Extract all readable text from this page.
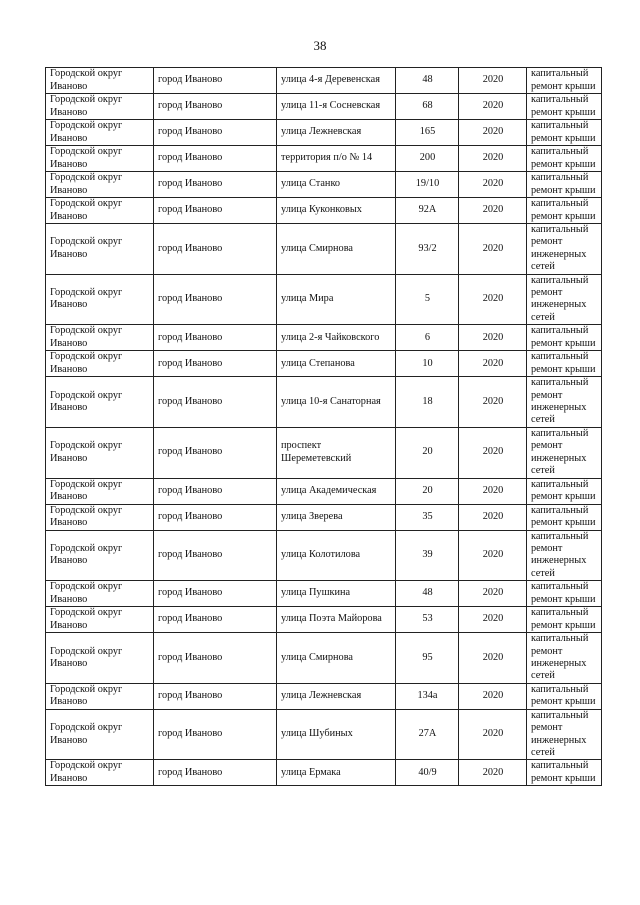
38
Городской округ Иваново	город Иваново	улица 4-я Деревенская	48	2020	капитальный ремонт крыши
Городской округ Иваново	город Иваново	улица 11-я Сосневская	68	2020	капитальный ремонт крыши
Городской округ Иваново	город Иваново	улица Лежневская	165	2020	капитальный ремонт крыши
Городской округ Иваново	город Иваново	территория п/о № 14	200	2020	капитальный ремонт крыши
Городской округ Иваново	город Иваново	улица Станко	19/10	2020	капитальный ремонт крыши
Городской округ Иваново	город Иваново	улица Куконковых	92А	2020	капитальный ремонт крыши
Городской округ Иваново	город Иваново	улица Смирнова	93/2	2020	капитальный ремонт инженерных сетей
Городской округ Иваново	город Иваново	улица Мира	5	2020	капитальный ремонт инженерных сетей
Городской округ Иваново	город Иваново	улица 2-я Чайковского	6	2020	капитальный ремонт крыши
Городской округ Иваново	город Иваново	улица Степанова	10	2020	капитальный ремонт крыши
Городской округ Иваново	город Иваново	улица 10-я Санаторная	18	2020	капитальный ремонт инженерных сетей
Городской округ Иваново	город Иваново	проспект Шереметевский	20	2020	капитальный ремонт инженерных сетей
Городской округ Иваново	город Иваново	улица Академическая	20	2020	капитальный ремонт крыши
Городской округ Иваново	город Иваново	улица Зверева	35	2020	капитальный ремонт крыши
Городской округ Иваново	город Иваново	улица Колотилова	39	2020	капитальный ремонт инженерных сетей
Городской округ Иваново	город Иваново	улица Пушкина	48	2020	капитальный ремонт крыши
Городской округ Иваново	город Иваново	улица Поэта Майорова	53	2020	капитальный ремонт крыши
Городской округ Иваново	город Иваново	улица Смирнова	95	2020	капитальный ремонт инженерных сетей
Городской округ Иваново	город Иваново	улица Лежневская	134а	2020	капитальный ремонт крыши
Городской округ Иваново	город Иваново	улица Шубиных	27А	2020	капитальный ремонт инженерных сетей
Городской округ Иваново	город Иваново	улица Ермака	40/9	2020	капитальный ремонт крыши
